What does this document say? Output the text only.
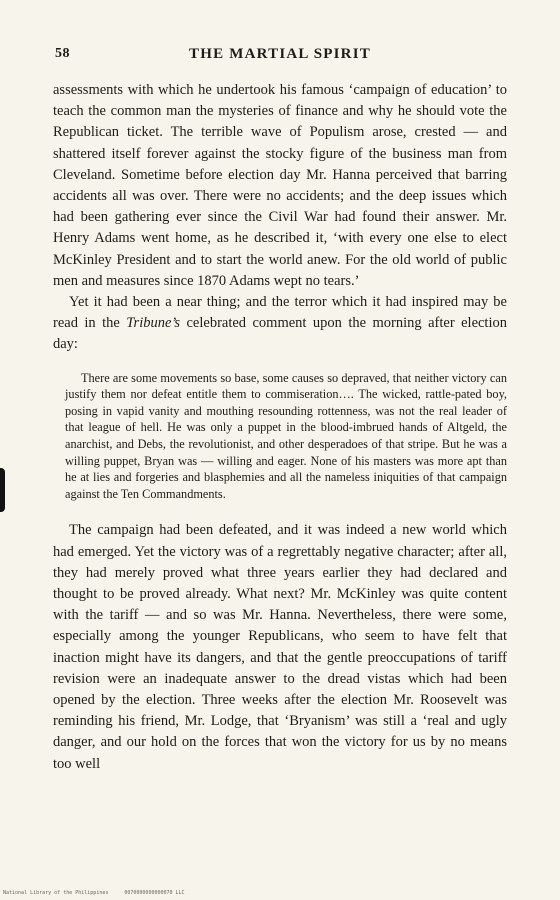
58	THE MARTIAL SPIRIT

assessments with which he undertook his famous ‘campaign of education’ to teach the common man the mysteries of finance and why he should vote the Republican ticket. The terrible wave of Populism arose, crested — and shattered itself forever against the stocky figure of the business man from Cleveland. Sometime before election day Mr. Hanna perceived that barring accidents all was over. There were no accidents; and the deep issues which had been gathering ever since the Civil War had found their answer. Mr. Henry Adams went home, as he described it, ‘with every one else to elect McKinley President and to start the world anew. For the old world of public men and measures since 1870 Adams wept no tears.’

Yet it had been a near thing; and the terror which it had inspired may be read in the Tribune’s celebrated comment upon the morning after election day:

There are some movements so base, some causes so depraved, that neither victory can justify them nor defeat entitle them to commiseration…. The wicked, rattle-pated boy, posing in vapid vanity and mouthing resounding rottenness, was not the real leader of that league of hell. He was only a puppet in the blood-imbrued hands of Altgeld, the anarchist, and Debs, the revolutionist, and other desperadoes of that stripe. But he was a willing puppet, Bryan was — willing and eager. None of his masters was more apt than he at lies and forgeries and blasphemies and all the nameless iniquities of that campaign against the Ten Commandments.

The campaign had been defeated, and it was indeed a new world which had emerged. Yet the victory was of a regrettably negative character; after all, they had merely proved what three years earlier they had declared and thought to be proved already. What next? Mr. McKinley was quite content with the tariff — and so was Mr. Hanna. Nevertheless, there were some, especially among the younger Republicans, who seem to have felt that inaction might have its dangers, and that the gentle preoccupations of tariff revision were an inadequate answer to the dread vistas which had been opened by the election. Three weeks after the election Mr. Roosevelt was reminding his friend, Mr. Lodge, that ‘Bryanism’ was still a ‘real and ugly danger, and our hold on the forces that won the victory for us by no means too well

National Library of the Philippines	0070000000000070 LLC
